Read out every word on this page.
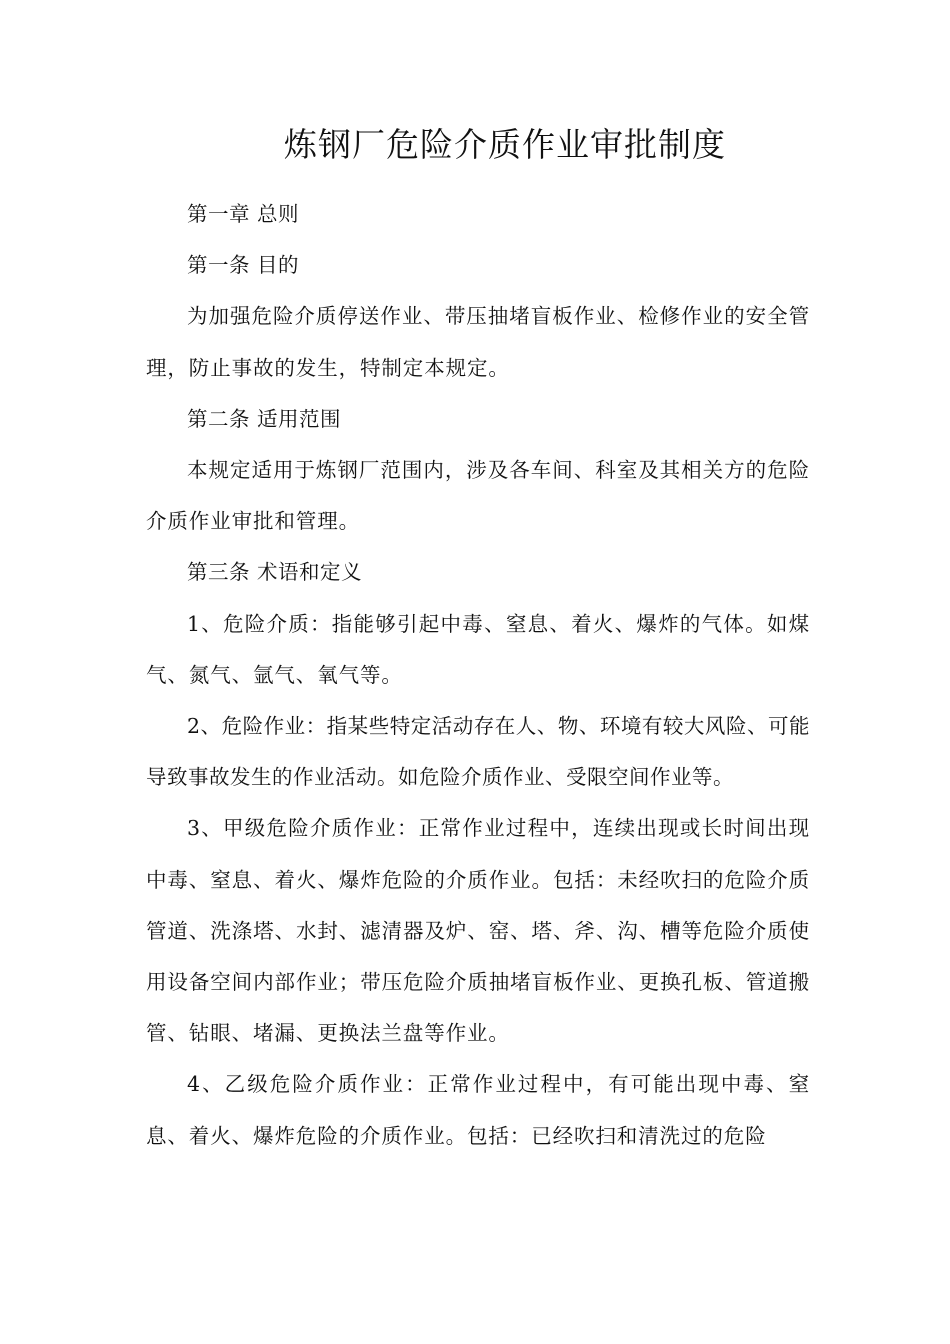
炼钢厂危险介质作业审批制度

第一章 总则

第一条 目的

为加强危险介质停送作业、带压抽堵盲板作业、检修作业的安全管理，防止事故的发生，特制定本规定。

第二条 适用范围

本规定适用于炼钢厂范围内，涉及各车间、科室及其相关方的危险介质作业审批和管理。

第三条 术语和定义

1、危险介质：指能够引起中毒、窒息、着火、爆炸的气体。如煤气、氮气、氩气、氧气等。

2、危险作业：指某些特定活动存在人、物、环境有较大风险、可能导致事故发生的作业活动。如危险介质作业、受限空间作业等。

3、甲级危险介质作业：正常作业过程中，连续出现或长时间出现中毒、窒息、着火、爆炸危险的介质作业。包括：未经吹扫的危险介质管道、洗涤塔、水封、滤清器及炉、窑、塔、斧、沟、槽等危险介质使用设备空间内部作业；带压危险介质抽堵盲板作业、更换孔板、管道搬管、钻眼、堵漏、更换法兰盘等作业。

4、乙级危险介质作业：正常作业过程中，有可能出现中毒、窒息、着火、爆炸危险的介质作业。包括：已经吹扫和清洗过的危险
